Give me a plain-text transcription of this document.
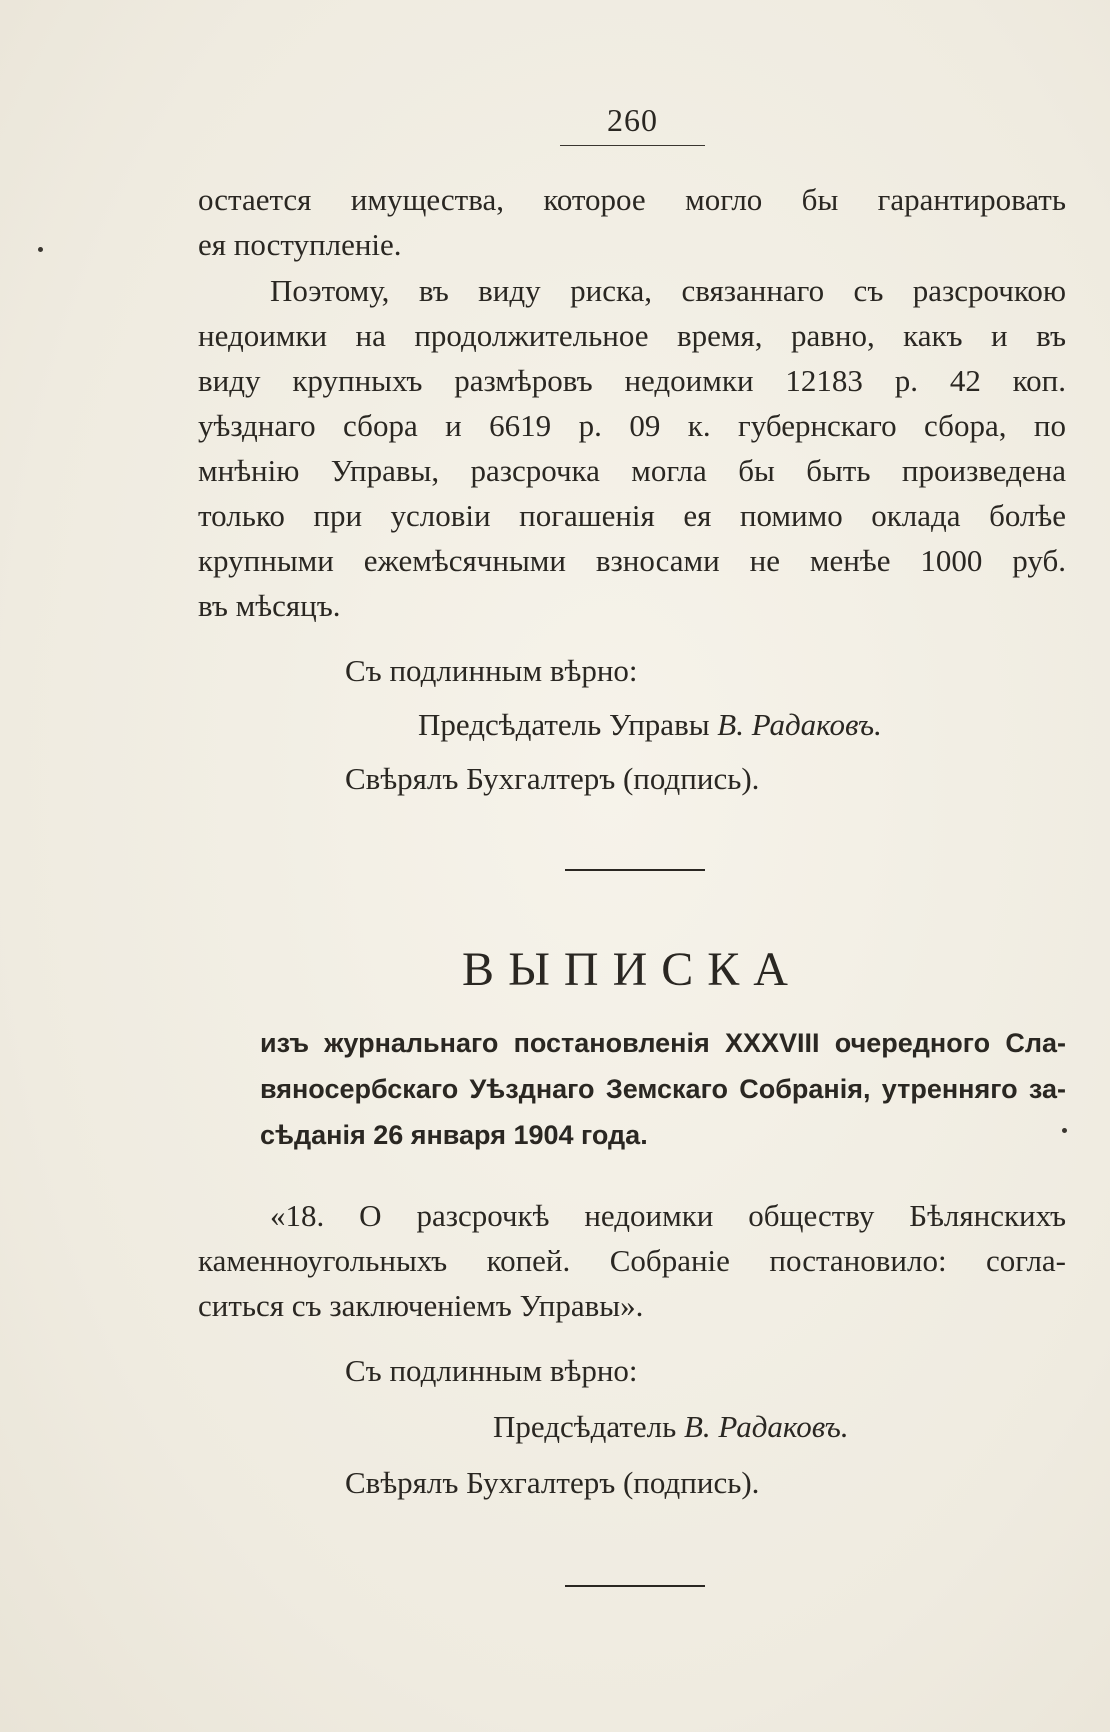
260
остается имущества, которое могло бы гарантировать
ея поступленіе.
Поэтому, въ виду риска, связаннаго съ разсрочкою
недоимки на продолжительное время, равно, какъ и въ
виду крупныхъ размѣровъ недоимки 12183 р. 42 коп.
уѣзднаго сбора и 6619 р. 09 к. губернскаго сбора, по
мнѣнію Управы, разсрочка могла бы быть произведена
только при условіи погашенія ея помимо оклада болѣе
крупными ежемѣсячными взносами не менѣе 1000 руб.
въ мѣсяцъ.
Съ подлинным вѣрно:
Предсѣдатель Управы В. Радаковъ.
Свѣрялъ Бухгалтеръ (подпись).
ВЫПИСКА
изъ журнальнаго постановленія XXXVIII очередного Сла-
вяносербскаго Уѣзднаго Земскаго Собранія, утренняго за-
сѣданія 26 января 1904 года.
«18. О разсрочкѣ недоимки обществу Бѣлянскихъ
каменноугольныхъ копей. Собраніе постановило: согла-
ситься съ заключеніемъ Управы».
Съ подлинным вѣрно:
Предсѣдатель В. Радаковъ.
Свѣрялъ Бухгалтеръ (подпись).
